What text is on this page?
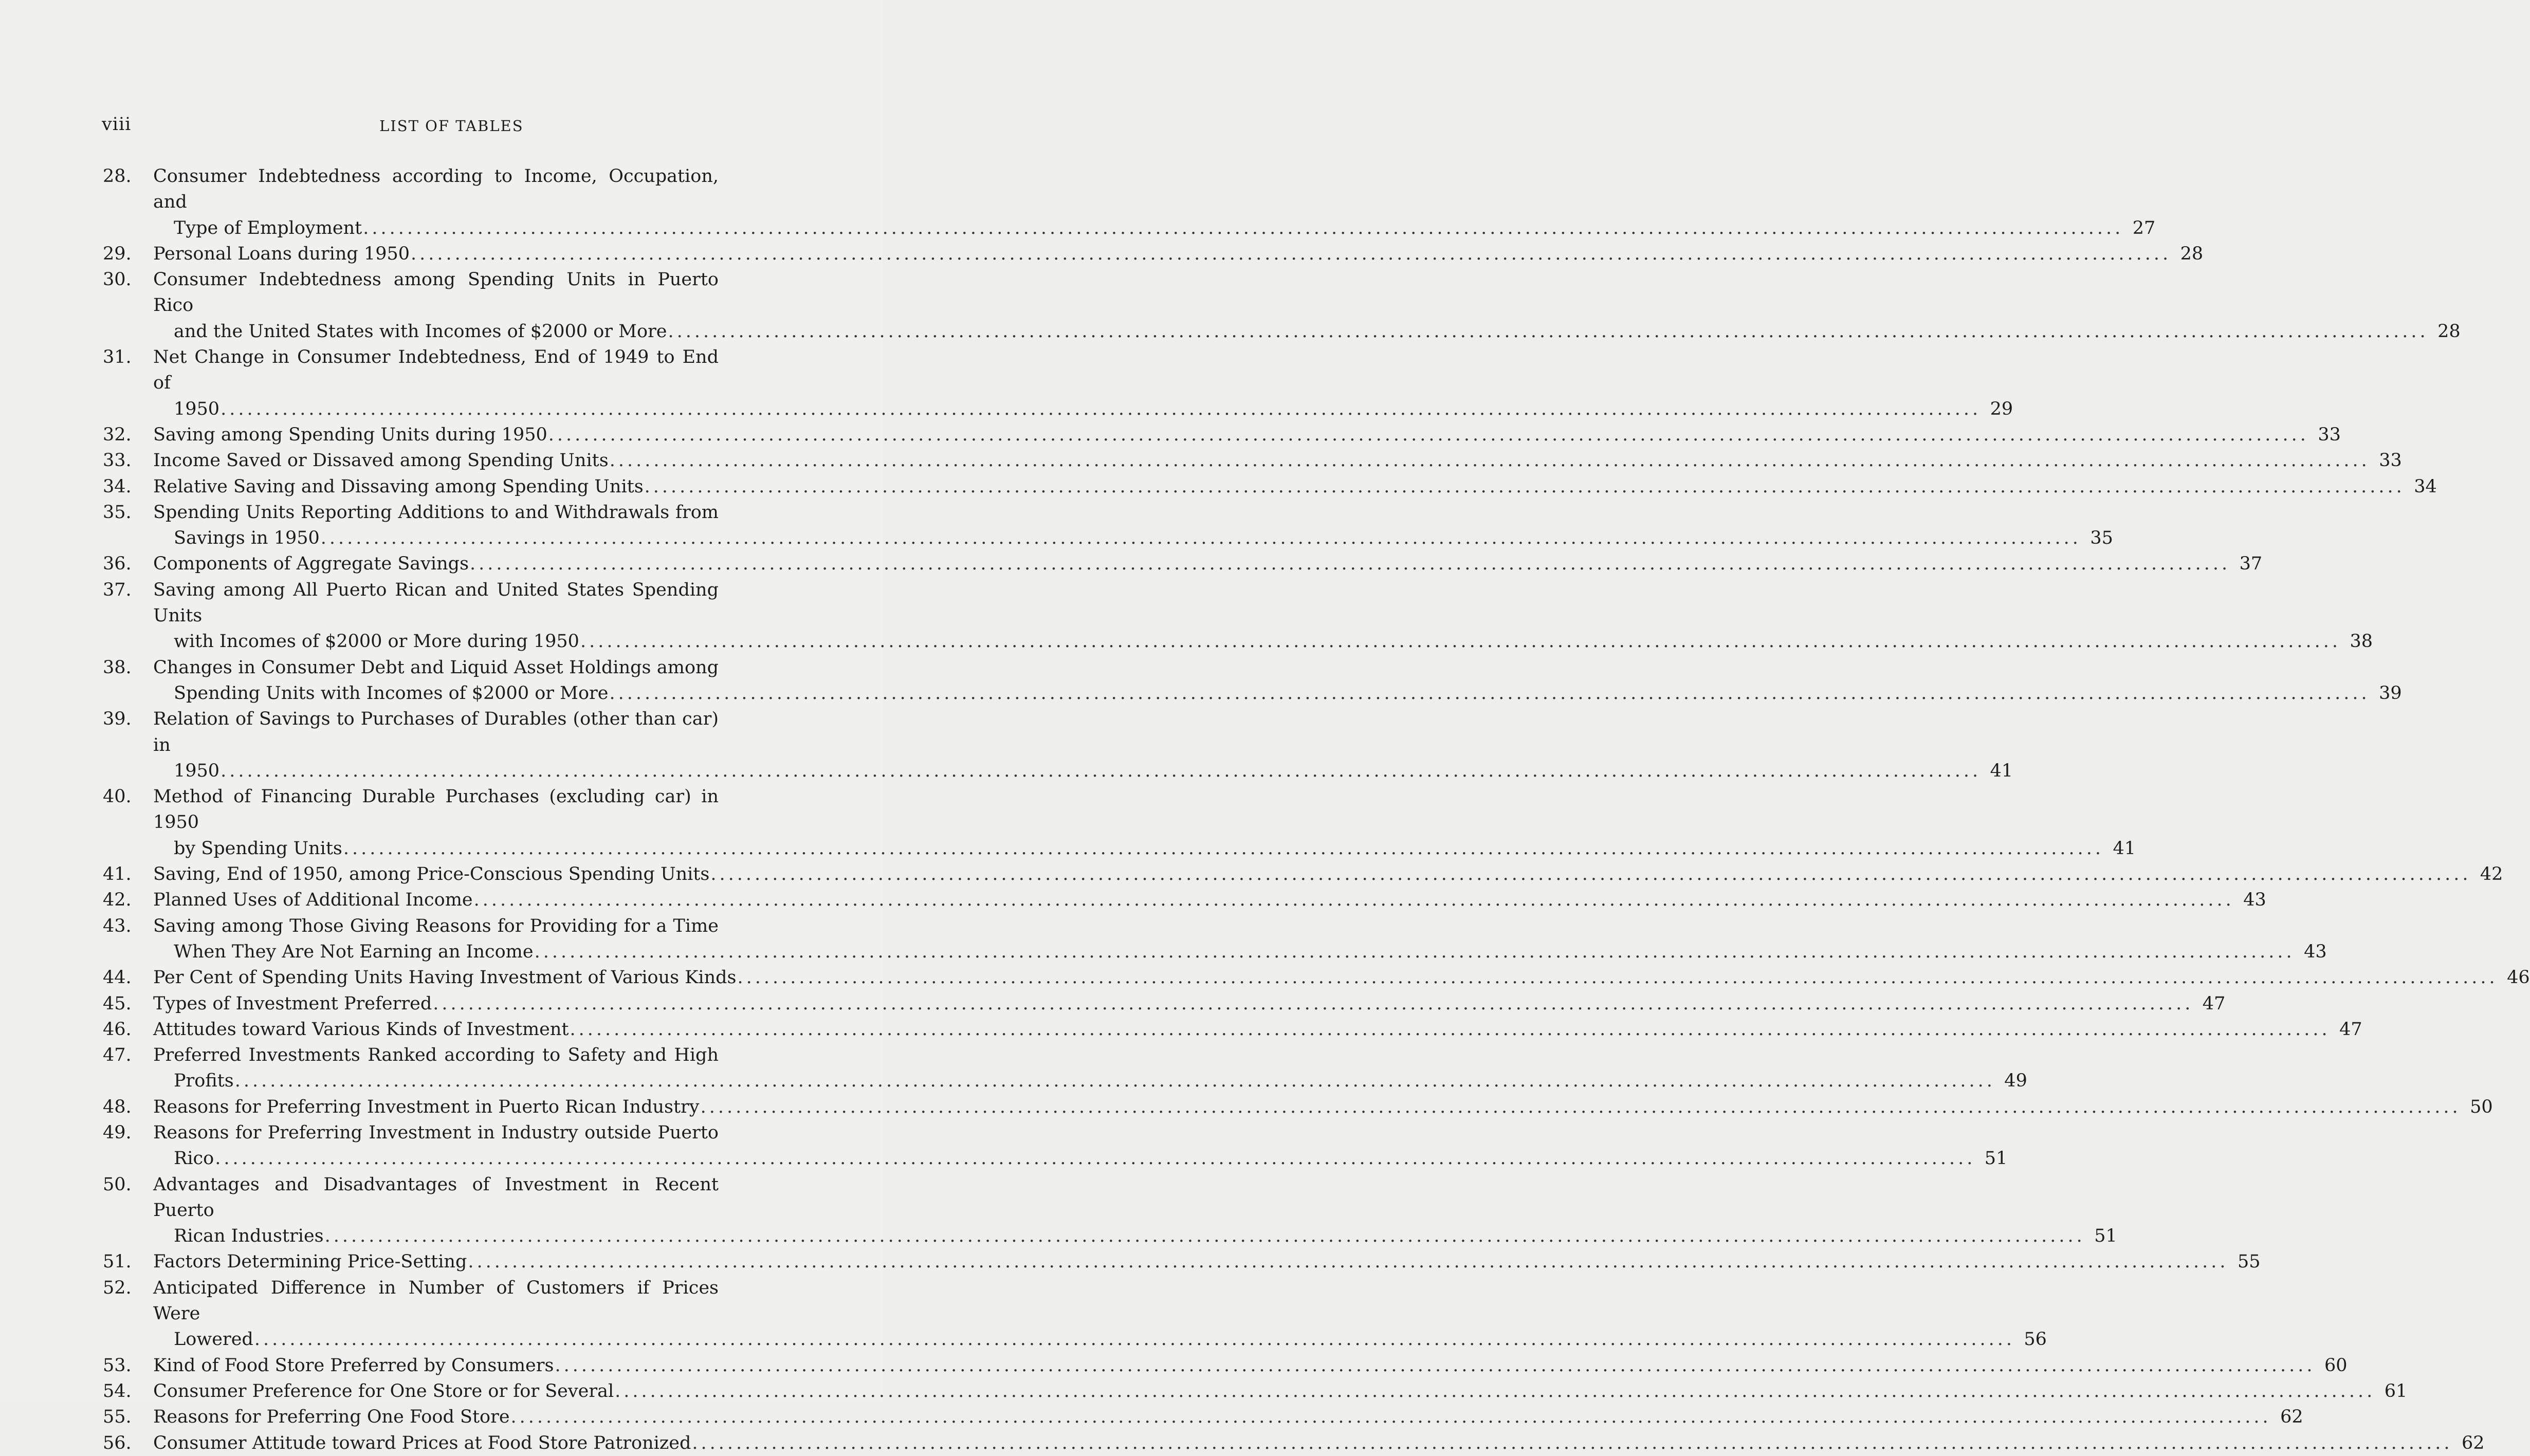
viii	LIST OF TABLES
28.	Consumer Indebtedness according to Income, Occupation, and
Type of Employment ........................................................................................................................................................................................................ 27
29.	Personal Loans during 1950 ........................................................................................................................................................................................................ 28
30.	Consumer Indebtedness among Spending Units in Puerto Rico
and the United States with Incomes of $2000 or More ........................................................................................................................................................................................................ 28
31.	Net Change in Consumer Indebtedness, End of 1949 to End of
1950 ........................................................................................................................................................................................................ 29
32.	Saving among Spending Units during 1950 ........................................................................................................................................................................................................ 33
33.	Income Saved or Dissaved among Spending Units ........................................................................................................................................................................................................ 33
34.	Relative Saving and Dissaving among Spending Units ........................................................................................................................................................................................................ 34
35.	Spending Units Reporting Additions to and Withdrawals from
Savings in 1950 ........................................................................................................................................................................................................ 35
36.	Components of Aggregate Savings ........................................................................................................................................................................................................ 37
37.	Saving among All Puerto Rican and United States Spending Units
with Incomes of $2000 or More during 1950 ........................................................................................................................................................................................................ 38
38.	Changes in Consumer Debt and Liquid Asset Holdings among
Spending Units with Incomes of $2000 or More ........................................................................................................................................................................................................ 39
39.	Relation of Savings to Purchases of Durables (other than car) in
1950 ........................................................................................................................................................................................................ 41
40.	Method of Financing Durable Purchases (excluding car) in 1950
by Spending Units ........................................................................................................................................................................................................ 41
41.	Saving, End of 1950, among Price-Conscious Spending Units ........................................................................................................................................................................................................ 42
42.	Planned Uses of Additional Income ........................................................................................................................................................................................................ 43
43.	Saving among Those Giving Reasons for Providing for a Time
When They Are Not Earning an Income ........................................................................................................................................................................................................ 43
44.	Per Cent of Spending Units Having Investment of Various Kinds ........................................................................................................................................................................................................ 46
45.	Types of Investment Preferred ........................................................................................................................................................................................................ 47
46.	Attitudes toward Various Kinds of Investment ........................................................................................................................................................................................................ 47
47.	Preferred Investments Ranked according to Safety and High
Profits ........................................................................................................................................................................................................ 49
48.	Reasons for Preferring Investment in Puerto Rican Industry ........................................................................................................................................................................................................ 50
49.	Reasons for Preferring Investment in Industry outside Puerto
Rico ........................................................................................................................................................................................................ 51
50.	Advantages and Disadvantages of Investment in Recent Puerto
Rican Industries ........................................................................................................................................................................................................ 51
51.	Factors Determining Price-Setting ........................................................................................................................................................................................................ 55
52.	Anticipated Difference in Number of Customers if Prices Were
Lowered ........................................................................................................................................................................................................ 56
53.	Kind of Food Store Preferred by Consumers ........................................................................................................................................................................................................ 60
54.	Consumer Preference for One Store or for Several ........................................................................................................................................................................................................ 61
55.	Reasons for Preferring One Food Store ........................................................................................................................................................................................................ 62
56.	Consumer Attitude toward Prices at Food Store Patronized ........................................................................................................................................................................................................ 62
